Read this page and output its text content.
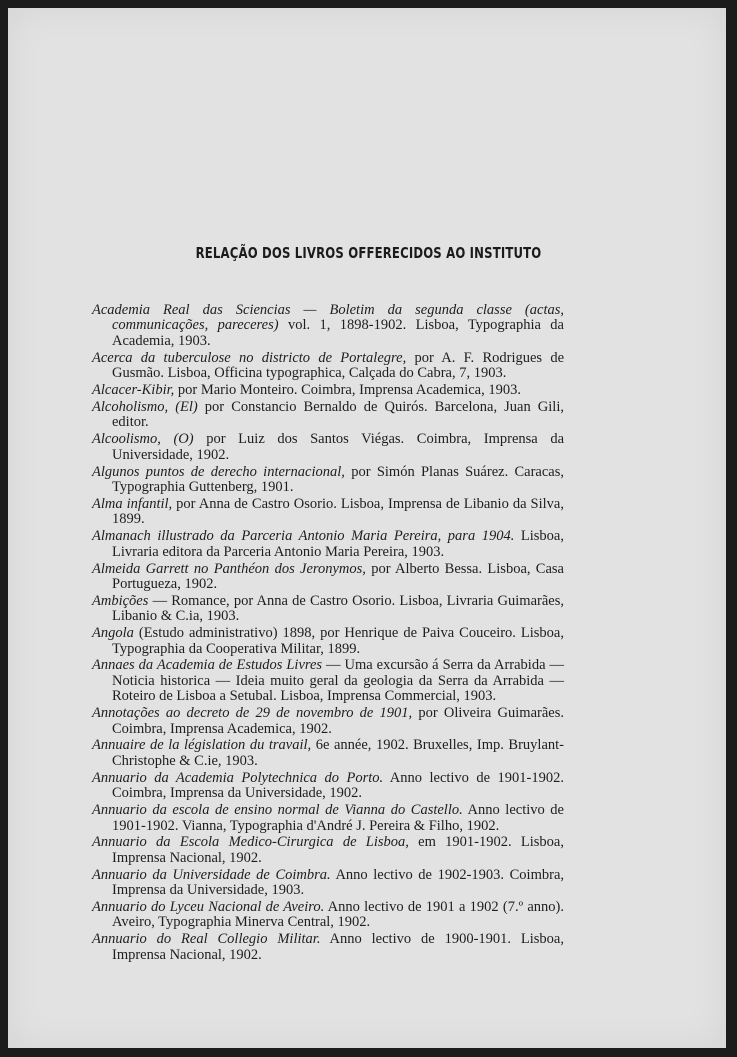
RELAÇÃO DOS LIVROS OFFERECIDOS AO INSTITUTO

Academia Real das Sciencias — Boletim da segunda classe (actas, communicações, pareceres) vol. 1, 1898-1902. Lisboa, Typographia da Academia, 1903.

Acerca da tuberculose no districto de Portalegre, por A. F. Rodrigues de Gusmão. Lisboa, Officina typographica, Calçada do Cabra, 7, 1903.

Alcacer-Kibir, por Mario Monteiro. Coimbra, Imprensa Academica, 1903.

Alcoholismo, (El) por Constancio Bernaldo de Quirós. Barcelona, Juan Gili, editor.

Alcoolismo, (O) por Luiz dos Santos Viégas. Coimbra, Imprensa da Universidade, 1902.

Algunos puntos de derecho internacional, por Simón Planas Suárez. Caracas, Typographia Guttenberg, 1901.

Alma infantil, por Anna de Castro Osorio. Lisboa, Imprensa de Libanio da Silva, 1899.

Almanach illustrado da Parceria Antonio Maria Pereira, para 1904. Lisboa, Livraria editora da Parceria Antonio Maria Pereira, 1903.

Almeida Garrett no Panthéon dos Jeronymos, por Alberto Bessa. Lisboa, Casa Portugueza, 1902.

Ambições — Romance, por Anna de Castro Osorio. Lisboa, Livraria Guimarães, Libanio & C.ia, 1903.

Angola (Estudo administrativo) 1898, por Henrique de Paiva Couceiro. Lisboa, Typographia da Cooperativa Militar, 1899.

Annaes da Academia de Estudos Livres — Uma excursão á Serra da Arrabida — Noticia historica — Ideia muito geral da geologia da Serra da Arrabida — Roteiro de Lisboa a Setubal. Lisboa, Imprensa Commercial, 1903.

Annotações ao decreto de 29 de novembro de 1901, por Oliveira Guimarães. Coimbra, Imprensa Academica, 1902.

Annuaire de la législation du travail, 6e année, 1902. Bruxelles, Imp. Bruylant-Christophe & C.ie, 1903.

Annuario da Academia Polytechnica do Porto. Anno lectivo de 1901-1902. Coimbra, Imprensa da Universidade, 1902.

Annuario da escola de ensino normal de Vianna do Castello. Anno lectivo de 1901-1902. Vianna, Typographia d'André J. Pereira & Filho, 1902.

Annuario da Escola Medico-Cirurgica de Lisboa, em 1901-1902. Lisboa, Imprensa Nacional, 1902.

Annuario da Universidade de Coimbra. Anno lectivo de 1902-1903. Coimbra, Imprensa da Universidade, 1903.

Annuario do Lyceu Nacional de Aveiro. Anno lectivo de 1901 a 1902 (7.º anno). Aveiro, Typographia Minerva Central, 1902.

Annuario do Real Collegio Militar. Anno lectivo de 1900-1901. Lisboa, Imprensa Nacional, 1902.
